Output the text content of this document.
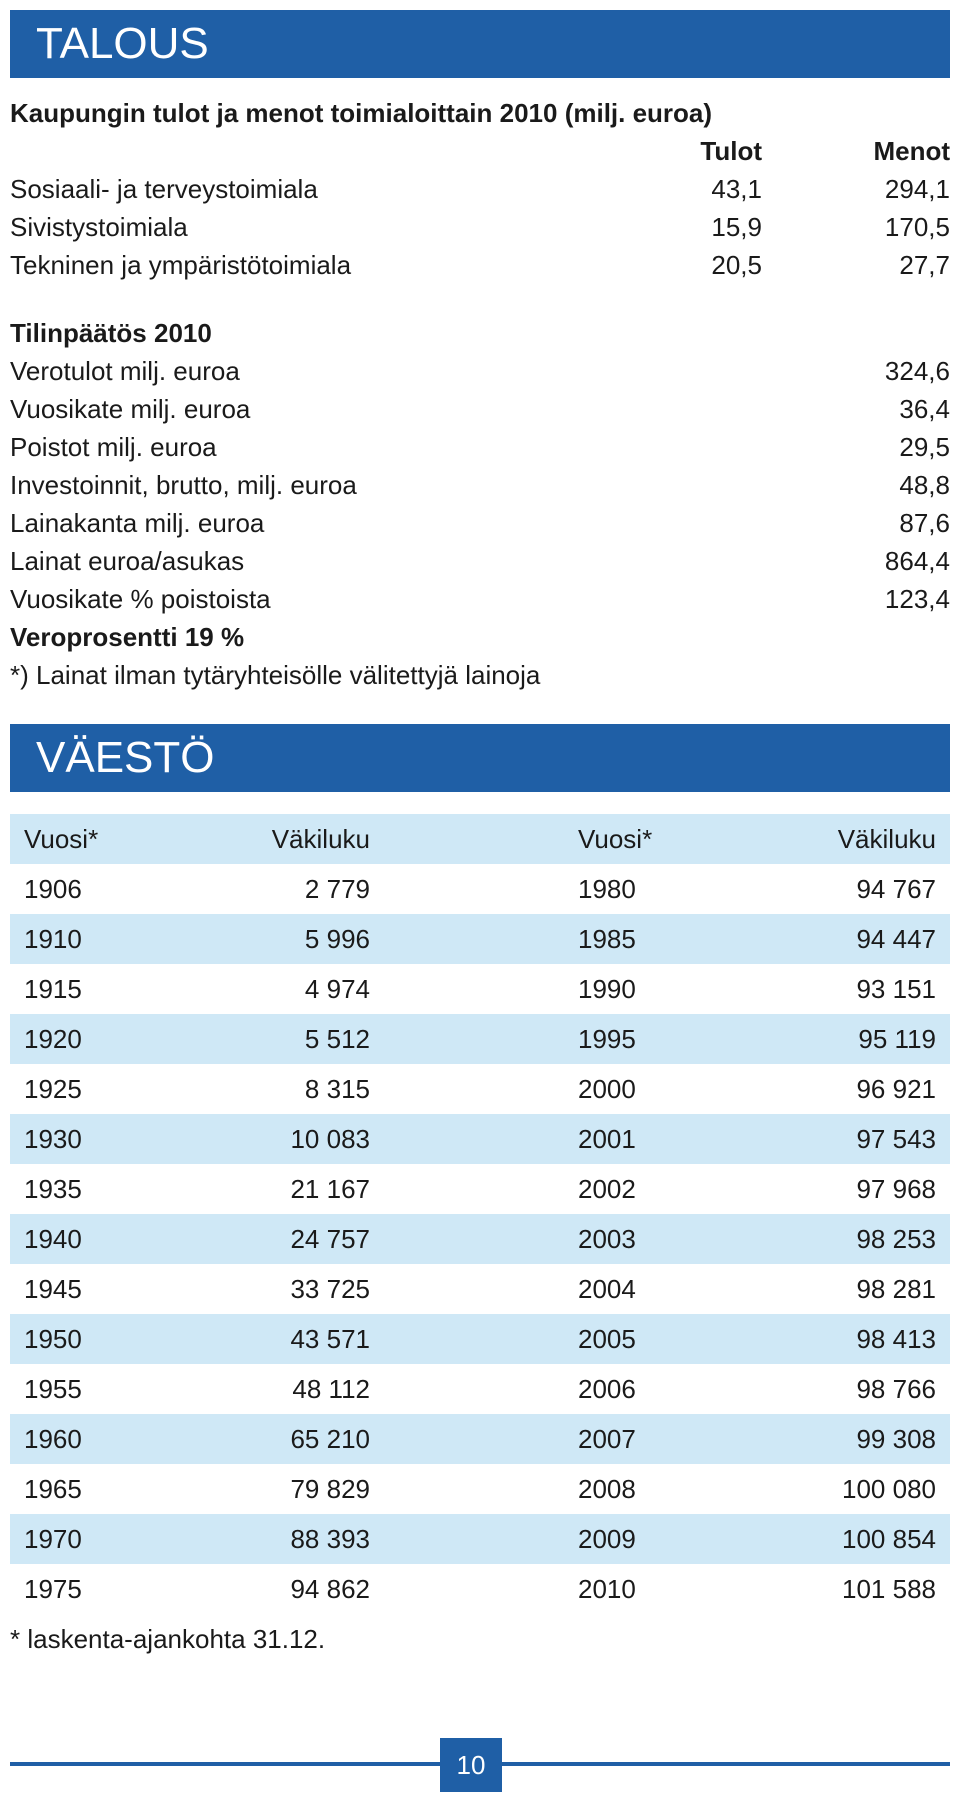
TALOUS
Kaupungin tulot ja menot toimialoittain 2010 (milj. euroa)
Tulot	Menot
Sosiaali- ja terveystoimiala	43,1	294,1
Sivistystoimiala	15,9	170,5
Tekninen ja ympäristötoimiala	20,5	27,7
Tilinpäätös 2010
Verotulot milj. euroa	324,6
Vuosikate milj. euroa	36,4
Poistot milj. euroa	29,5
Investoinnit, brutto, milj. euroa	48,8
Lainakanta milj. euroa	87,6
Lainat euroa/asukas	864,4
Vuosikate % poistoista	123,4
Veroprosentti 19 %
*) Lainat ilman tytäryhteisölle välitettyjä lainoja
VÄESTÖ
Vuosi*	Väkiluku	Vuosi*	Väkiluku
1906	2 779	1980	94 767
1910	5 996	1985	94 447
1915	4 974	1990	93 151
1920	5 512	1995	95 119
1925	8 315	2000	96 921
1930	10 083	2001	97 543
1935	21 167	2002	97 968
1940	24 757	2003	98 253
1945	33 725	2004	98 281
1950	43 571	2005	98 413
1955	48 112	2006	98 766
1960	65 210	2007	99 308
1965	79 829	2008	100 080
1970	88 393	2009	100 854
1975	94 862	2010	101 588
* laskenta-ajankohta 31.12.
10
